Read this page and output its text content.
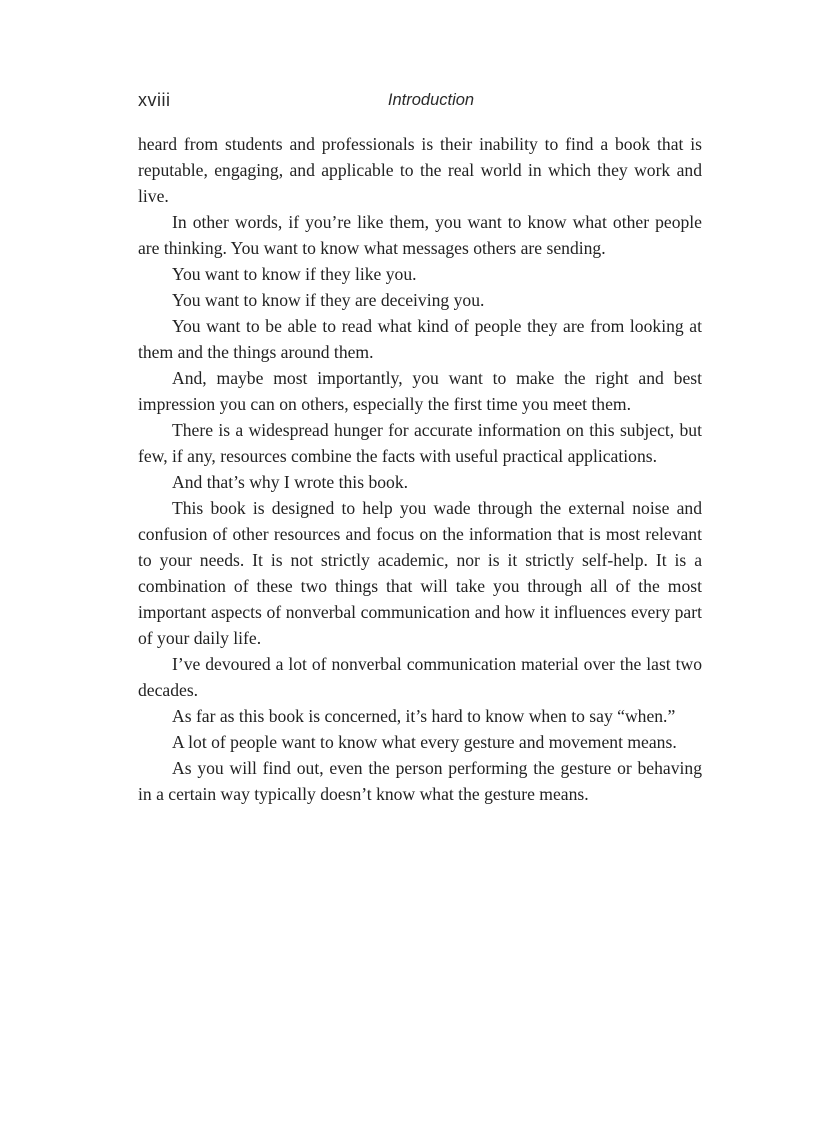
xviii	Introduction

heard from students and professionals is their inability to find a book that is reputable, engaging, and applicable to the real world in which they work and live.

In other words, if you’re like them, you want to know what other people are thinking. You want to know what messages others are sending.

You want to know if they like you.

You want to know if they are deceiving you.

You want to be able to read what kind of people they are from looking at them and the things around them.

And, maybe most importantly, you want to make the right and best impression you can on others, especially the first time you meet them.

There is a widespread hunger for accurate information on this subject, but few, if any, resources combine the facts with useful practical applications.

And that’s why I wrote this book.

This book is designed to help you wade through the external noise and confusion of other resources and focus on the information that is most relevant to your needs. It is not strictly academic, nor is it strictly self-help. It is a combination of these two things that will take you through all of the most important aspects of nonverbal communication and how it influences every part of your daily life.

I’ve devoured a lot of nonverbal communication material over the last two decades.

As far as this book is concerned, it’s hard to know when to say “when.”

A lot of people want to know what every gesture and movement means.

As you will find out, even the person performing the gesture or behaving in a certain way typically doesn’t know what the gesture means.
